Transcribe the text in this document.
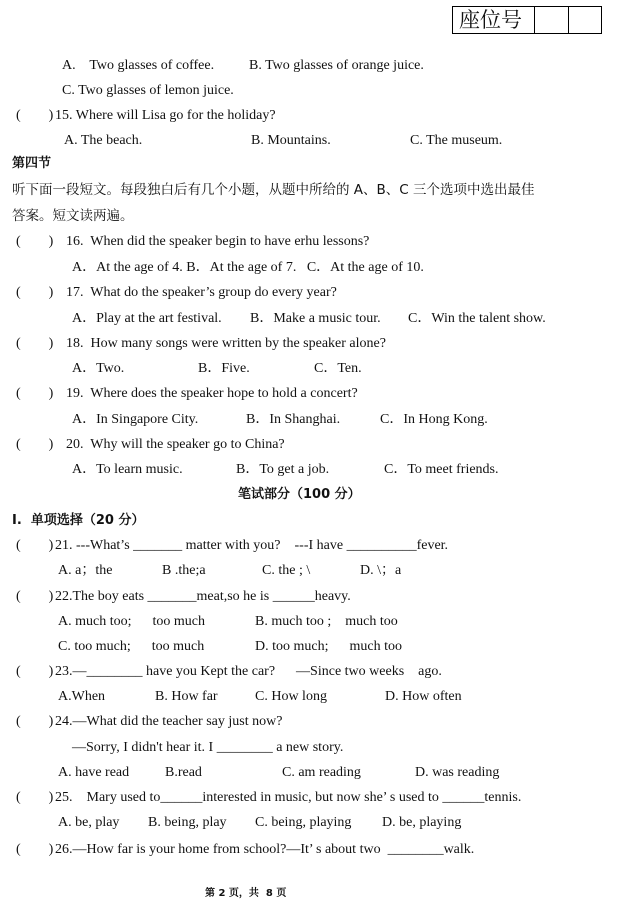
座位号
A.    Two glasses of coffee. B. Two glasses of orange juice.
C. Two glasses of lemon juice.
(        ) 15. Where will Lisa go for the holiday?
A. The beach.	B. Mountains.	C. The museum.
第四节
听下面一段短文。每段独白后有几个小题，从题中所给的 A、B、C 三个选项中选出最佳
答案。短文读两遍。
(        ) 16.  When did the speaker begin to have erhu lessons?
A．At the age of 4. B．At the age of 7.   C．At the age of 10.
(        ) 17.  What do the speaker’s group do every year?
A．Play at the art festival. B．Make a music tour. C．Win the talent show.
(        ) 18.  How many songs were written by the speaker alone?
A．Two.	B．Five.	C．Ten.
(        ) 19.  Where does the speaker hope to hold a concert?
A．In Singapore City.	B．In Shanghai.	C．In Hong Kong.
(        ) 20.  Why will the speaker go to China?
A．To learn music.	B．To get a job.	C．To meet friends.
笔试部分（100 分）
I.  单项选择（20 分）
(        ) 21. ---What’s _______ matter with you?    ---I have __________fever.
A. a；the	B .the;a	C. the ; \	D. \；a
(        ) 22.The boy eats _______meat,so he is ______heavy.
A. much too;      too much	B. much too ;    much too
C. too much;      too much	D. too much;      much too
(        ) 23.—________ have you Kept the car?      —Since two weeks    ago.
A.When	B. How far	C. How long	D. How often
(        ) 24.—What did the teacher say just now?
—Sorry, I didn't hear it. I ________ a new story.
A. have read	B.read	C. am reading	D. was reading
(        ) 25.    Mary used to______interested in music, but now she’ s used to ______tennis.
A. be, play B. being, play C. being, playing D. be, playing
(        ) 26.—How far is your home from school?—It’ s about two  ________walk.
第 2 页，共  8 页
